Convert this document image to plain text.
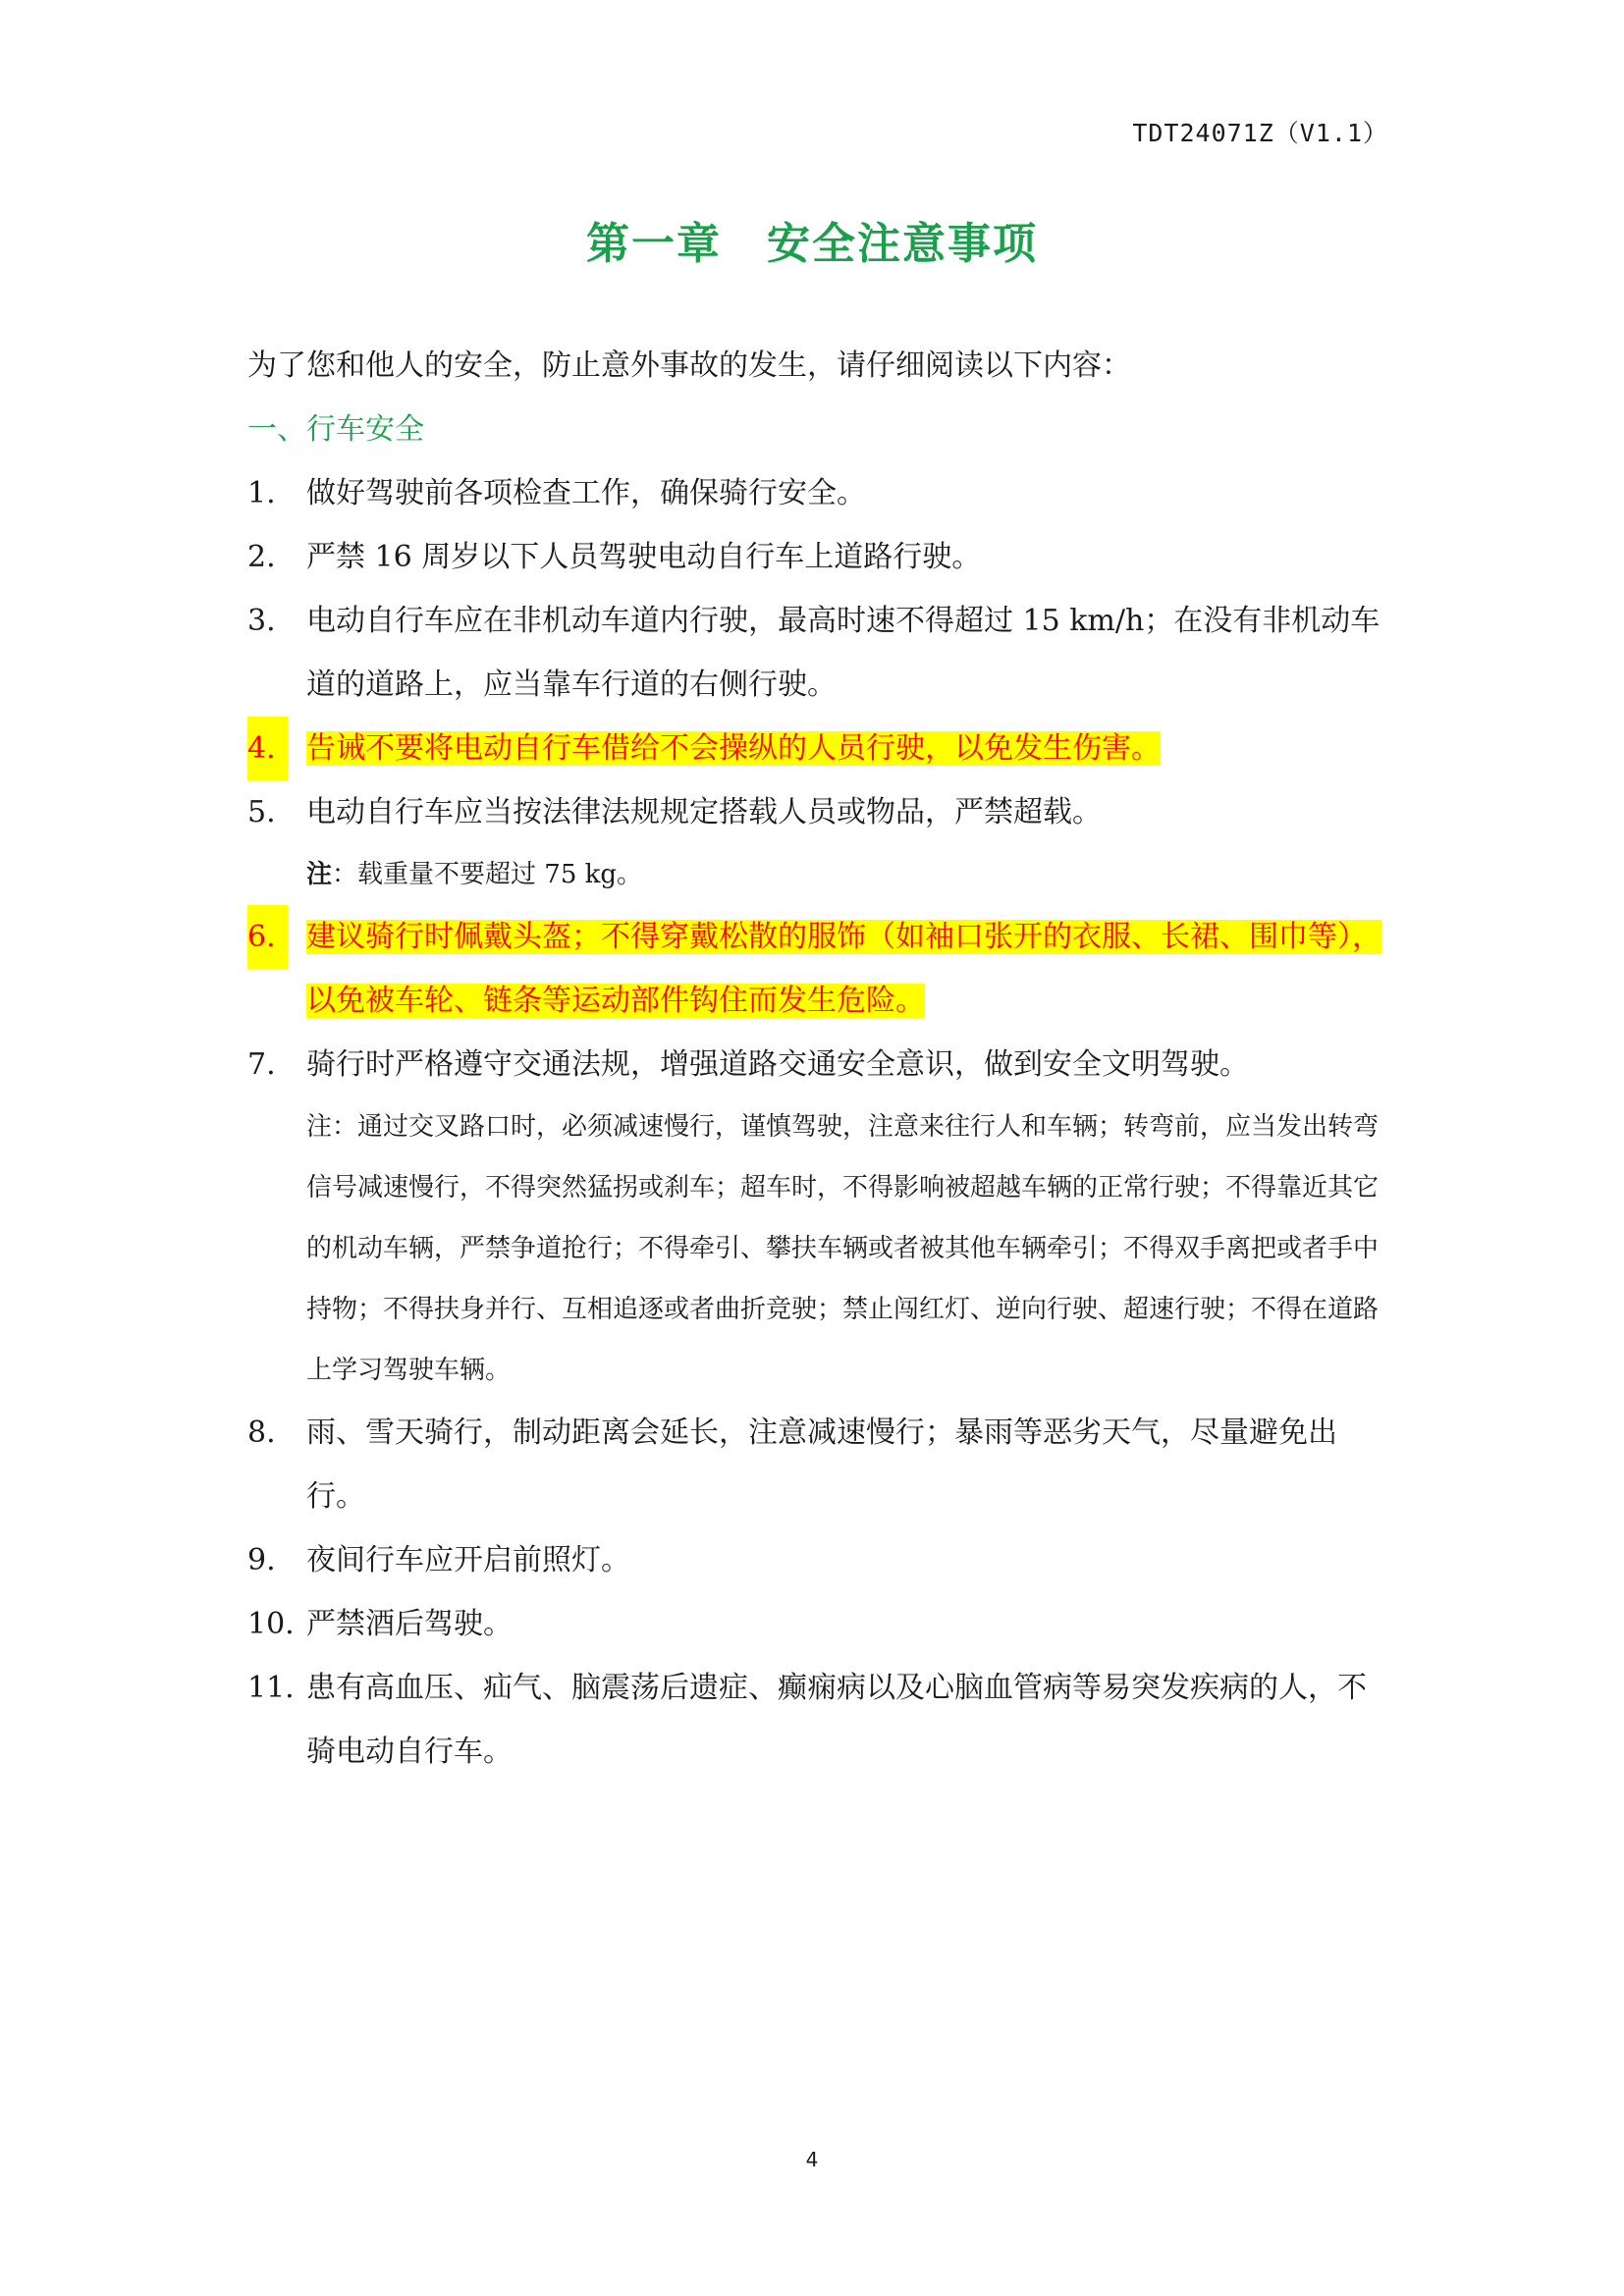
TDT24071Z（V1.1）
第一章　安全注意事项
为了您和他人的安全，防止意外事故的发生，请仔细阅读以下内容：
一、行车安全
1. 做好驾驶前各项检查工作，确保骑行安全。
2. 严禁 16 周岁以下人员驾驶电动自行车上道路行驶。
3. 电动自行车应在非机动车道内行驶，最高时速不得超过 15 km/h；在没有非机动车道的道路上，应当靠车行道的右侧行驶。
4.	告诫不要将电动自行车借给不会操纵的人员行驶，以免发生伤害。
5. 电动自行车应当按法律法规规定搭载人员或物品，严禁超载。
注：载重量不要超过 75 kg。
6.	建议骑行时佩戴头盔；不得穿戴松散的服饰（如袖口张开的衣服、长裙、围巾等），以免被车轮、链条等运动部件钩住而发生危险。
7. 骑行时严格遵守交通法规，增强道路交通安全意识，做到安全文明驾驶。
注：通过交叉路口时，必须减速慢行，谨慎驾驶，注意来往行人和车辆；转弯前，应当发出转弯信号减速慢行，不得突然猛拐或刹车；超车时，不得影响被超越车辆的正常行驶；不得靠近其它的机动车辆，严禁争道抢行；不得牵引、攀扶车辆或者被其他车辆牵引；不得双手离把或者手中持物；不得扶身并行、互相追逐或者曲折竞驶；禁止闯红灯、逆向行驶、超速行驶；不得在道路上学习驾驶车辆。
8. 雨、雪天骑行，制动距离会延长，注意减速慢行；暴雨等恶劣天气，尽量避免出行。
9. 夜间行车应开启前照灯。
10. 严禁酒后驾驶。
11. 患有高血压、疝气、脑震荡后遗症、癫痫病以及心脑血管病等易突发疾病的人，不骑电动自行车。
4
